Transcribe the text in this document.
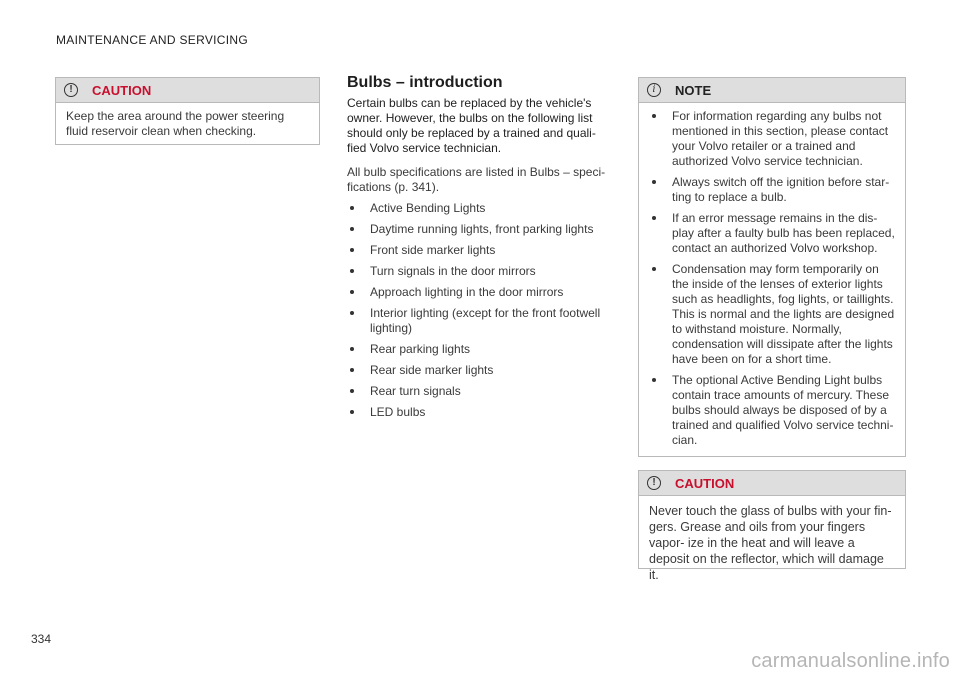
MAINTENANCE AND SERVICING
!	CAUTION
Keep the area around the power steering fluid reservoir clean when checking.
Bulbs – introduction

Certain bulbs can be replaced by the vehicle's owner. However, the bulbs on the following list should only be replaced by a trained and quali- fied Volvo service technician.

All bulb specifications are listed in Bulbs – speci- fications (p. 341).

Active Bending Lights
Daytime running lights, front parking lights
Front side marker lights
Turn signals in the door mirrors
Approach lighting in the door mirrors
Interior lighting (except for the front footwell lighting)
Rear parking lights
Rear side marker lights
Rear turn signals
LED bulbs
i	NOTE
For information regarding any bulbs not mentioned in this section, please contact your Volvo retailer or a trained and authorized Volvo service technician.
Always switch off the ignition before star- ting to replace a bulb.
If an error message remains in the dis- play after a faulty bulb has been replaced, contact an authorized Volvo workshop.
Condensation may form temporarily on the inside of the lenses of exterior lights such as headlights, fog lights, or taillights. This is normal and the lights are designed to withstand moisture. Normally, condensation will dissipate after the lights have been on for a short time.
The optional Active Bending Light bulbs contain trace amounts of mercury. These bulbs should always be disposed of by a trained and qualified Volvo service techni- cian.
!	CAUTION
Never touch the glass of bulbs with your fin- gers. Grease and oils from your fingers vapor- ize in the heat and will leave a deposit on the reflector, which will damage it.
334
carmanualsonline.info
